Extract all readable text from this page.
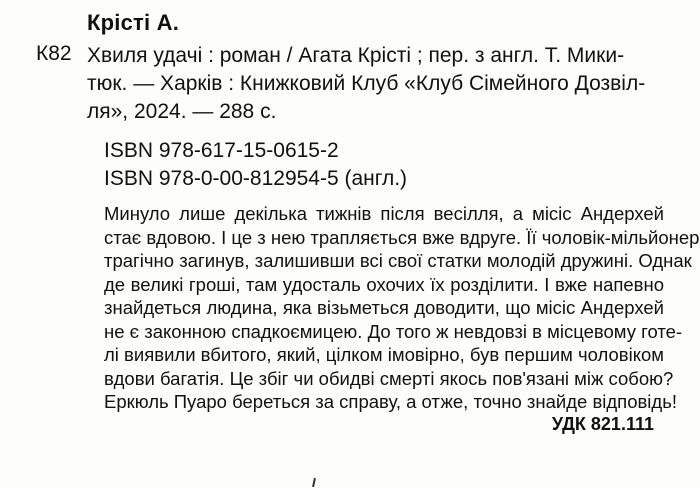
Крісті А.
К82 Хвиля удачі : роман / Агата Крісті ; пер. з англ. Т. Мики-
тюк. — Харків : Книжковий Клуб «Клуб Сімейного Дозвіл-
ля», 2024. — 288 с.
ISBN 978-617-15-0615-2
ISBN 978-0-00-812954-5 (англ.)
Минуло лише декілька тижнів після весілля, а місіс Андерхей
стає вдовою. І це з нею трапляється вже вдруге. Її чоловік-мільйонер
трагічно загинув, залишивши всі свої статки молодій дружині. Однак
де великі гроші, там удосталь охочих їх розділити. І вже напевно
знайдеться людина, яка візьметься доводити, що місіс Андерхей
не є законною спадкоємицею. До того ж невдовзі в місцевому готе-
лі виявили вбитого, який, цілком імовірно, був першим чоловіком
вдови багатія. Це збіг чи обидві смерті якось пов'язані між собою?
Еркюль Пуаро береться за справу, а отже, точно знайде відповідь!
УДК 821.111
